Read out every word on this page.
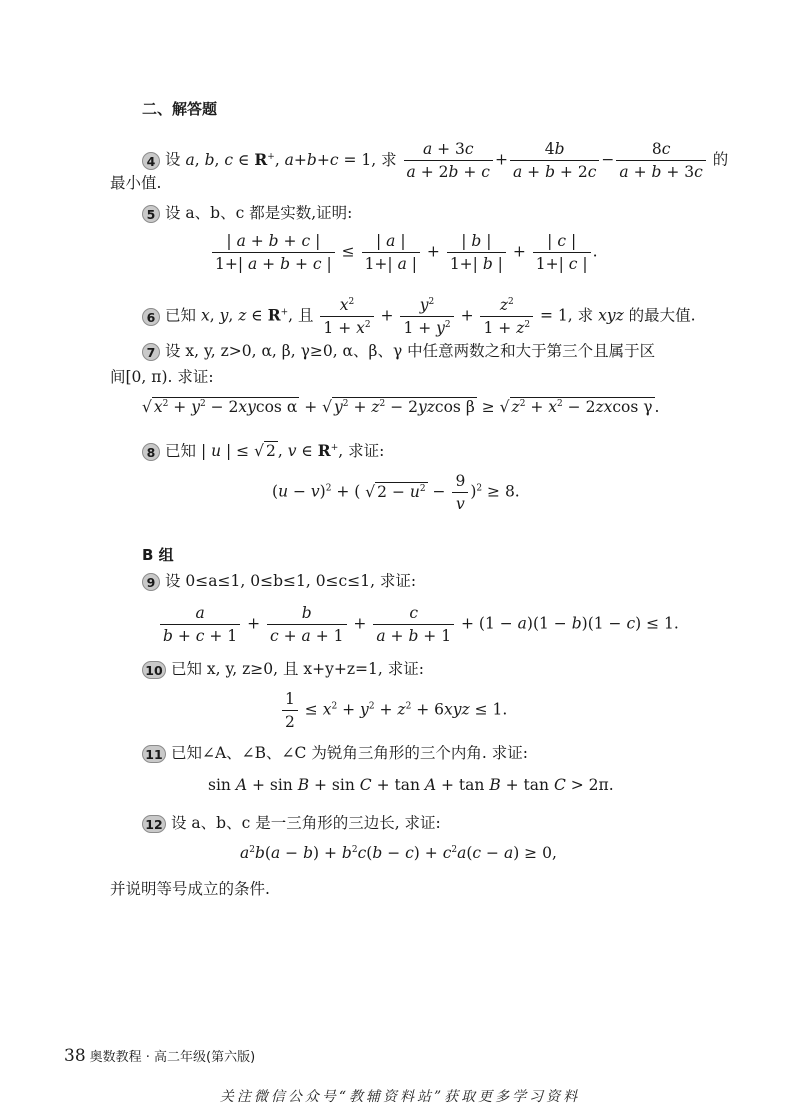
二、解答题
4 设 a, b, c ∈ R+, a+b+c = 1, 求 $\frac{a + 3c}{a + 2b + c} + \frac{4b}{a + b + 2c} - \frac{8c}{a + b + 3c}$ 的
最小值.
5 设 a、b、c 都是实数,证明:
$\frac{| a + b + c |}{1+| a + b + c |} \le \frac{| a |}{1+| a |} + \frac{| b |}{1+| b |} + \frac{| c |}{1+| c |}$ .
6 已知 x, y, z ∈ R+, 且 $\frac{x^2}{1 + x^2} + \frac{y^2}{1 + y^2} + \frac{z^2}{1 + z^2} = 1$, 求 xyz 的最大值.
7 设 x, y, z>0, α, β, γ≥0, α、β、γ 中任意两数之和大于第三个且属于区
间[0, π). 求证:
√ $x^2 + y^2 - 2xycos$ α + √ $y^2 + z^2 - 2yzcos$ β ≥ √ $z^2 + x^2 - 2zxcos$ γ .
8 已知 | u | ≤ √ 2 , v ∈ R+, 求证:
$(u - v)^2$ + ( √ $2 - u^2 - \frac{9}{v} )^2 \ge 8$.
B 组
9 设 0≤a≤1, 0≤b≤1, 0≤c≤1, 求证:
$\frac{a}{b + c + 1} + \frac{b}{c + a + 1} + \frac{c}{a + b + 1} + (1 - a)(1 - b)(1 - c) \le 1$.
10 已知 x, y, z≥0, 且 x+y+z=1, 求证:
$\frac{1}{2} \le x^2 + y^2 + z^2 + 6xyz \le 1$.
11 已知∠A、∠B、∠C 为锐角三角形的三个内角. 求证:
sin A + sin B + sin C + tan A + tan B + tan C > 2π.
12 设 a、b、c 是一三角形的三边长, 求证:
$a^2b(a - b) + b^2c(b - c) + c^2a(c - a) \ge 0$,
并说明等号成立的条件.
38 奥数教程 · 高二年级(第六版)
关注微信公众号“教辅资料站”获取更多学习资料
